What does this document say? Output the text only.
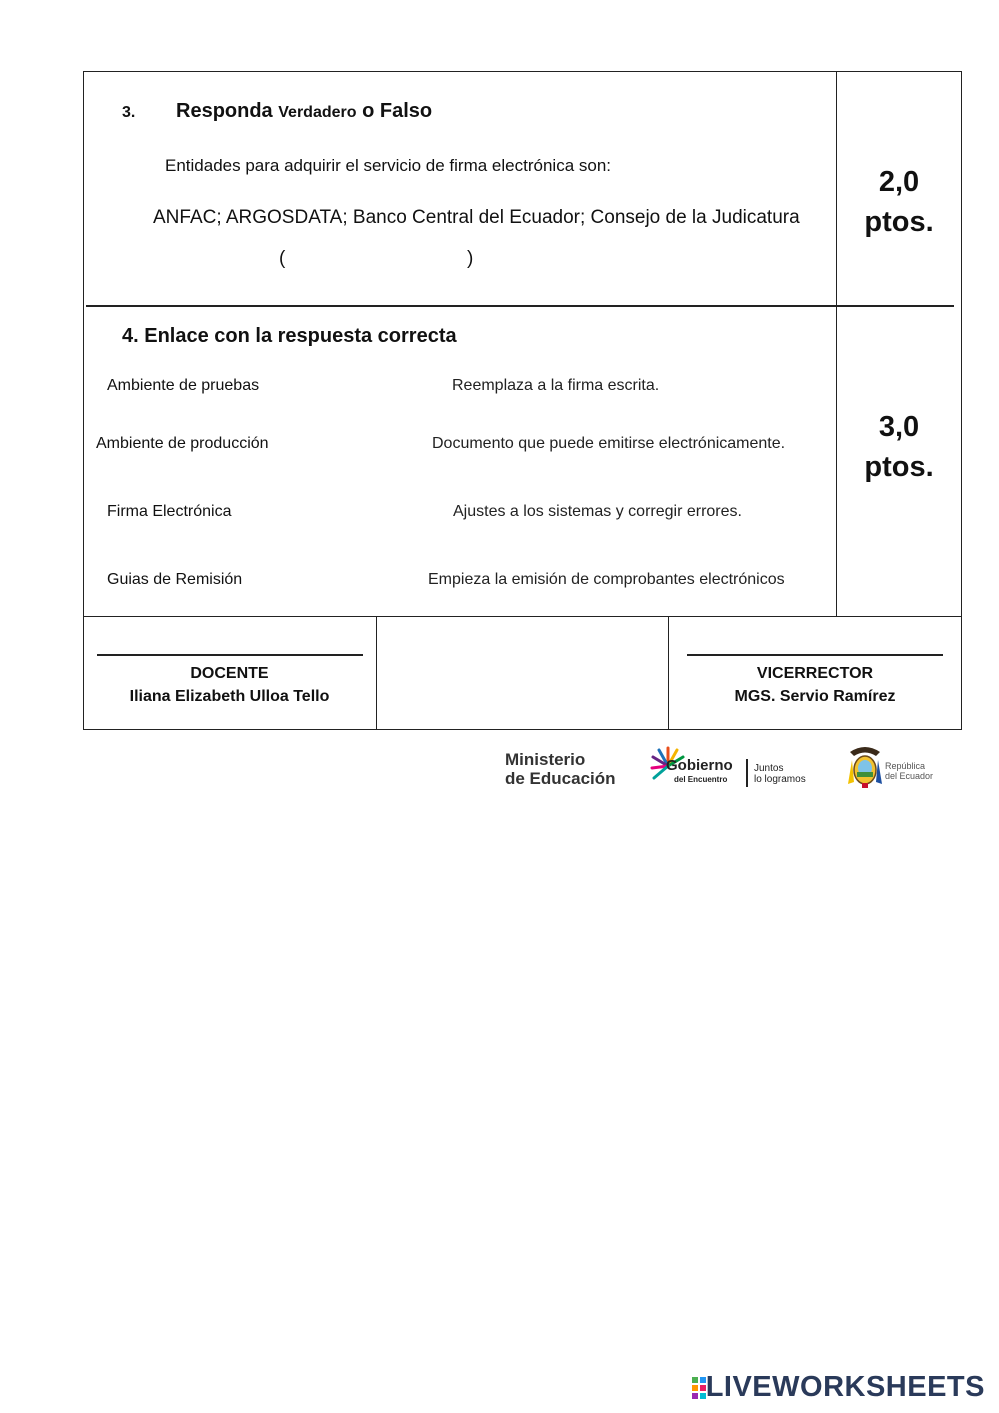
3. Responda Verdadero o Falso
Entidades para adquirir el servicio de firma electrónica son:
ANFAC; ARGOSDATA; Banco Central del Ecuador; Consejo de la Judicatura
(	)
2,0
ptos.
4. Enlace con la respuesta correcta
Ambiente de pruebas
Ambiente de producción
Firma Electrónica
Guias de Remisión
Reemplaza a la firma escrita.
Documento que puede emitirse electrónicamente.
Ajustes a los sistemas y corregir errores.
Empieza la emisión de comprobantes electrónicos
3,0
ptos.
DOCENTE
Iliana Elizabeth Ulloa Tello
VICERRECTOR
MGS. Servio Ramírez
Ministerio
de Educación
Gobierno
del Encuentro
Juntos
lo logramos
República
del Ecuador
LIVEWORKSHEETS
